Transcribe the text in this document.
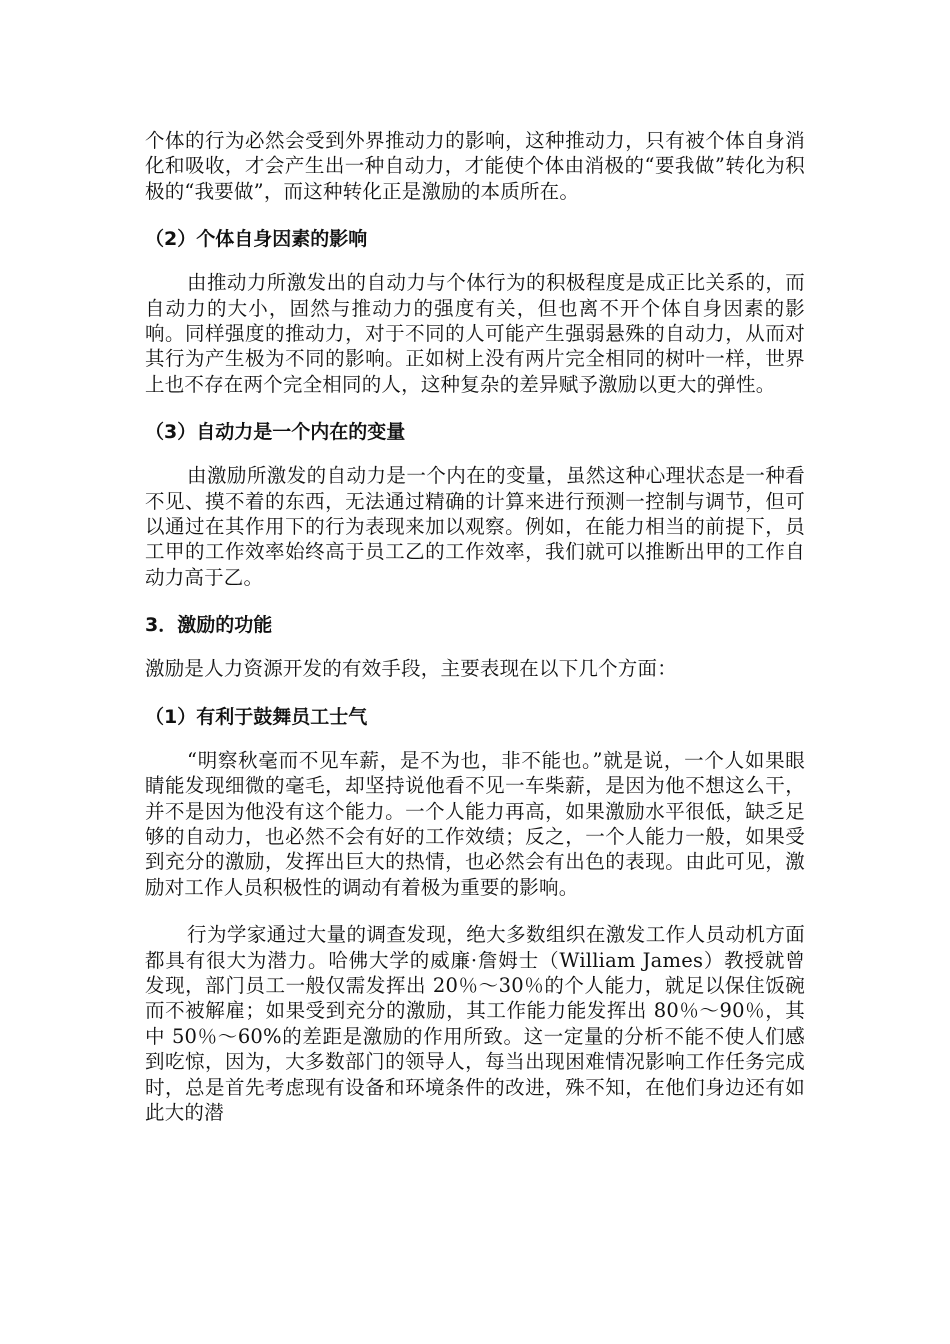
个体的行为必然会受到外界推动力的影响，这种推动力，只有被个体自身消化和吸收，才会产生出一种自动力，才能使个体由消极的“要我做”转化为积极的“我要做”，而这种转化正是激励的本质所在。

（2）个体自身因素的影响

由推动力所激发出的自动力与个体行为的积极程度是成正比关系的，而自动力的大小，固然与推动力的强度有关，但也离不开个体自身因素的影响。同样强度的推动力，对于不同的人可能产生强弱悬殊的自动力，从而对其行为产生极为不同的影响。正如树上没有两片完全相同的树叶一样，世界上也不存在两个完全相同的人，这种复杂的差异赋予激励以更大的弹性。

（3）自动力是一个内在的变量

由激励所激发的自动力是一个内在的变量，虽然这种心理状态是一种看不见、摸不着的东西，无法通过精确的计算来进行预测一控制与调节，但可以通过在其作用下的行为表现来加以观察。例如，在能力相当的前提下，员工甲的工作效率始终高于员工乙的工作效率，我们就可以推断出甲的工作自动力高于乙。

3．激励的功能

激励是人力资源开发的有效手段，主要表现在以下几个方面：

（1）有利于鼓舞员工士气

“明察秋毫而不见车薪，是不为也，非不能也。”就是说，一个人如果眼睛能发现细微的毫毛，却坚持说他看不见一车柴薪，是因为他不想这么干，并不是因为他没有这个能力。一个人能力再高，如果激励水平很低，缺乏足够的自动力，也必然不会有好的工作效绩；反之，一个人能力一般，如果受到充分的激励，发挥出巨大的热情，也必然会有出色的表现。由此可见，激励对工作人员积极性的调动有着极为重要的影响。

行为学家通过大量的调查发现，绝大多数组织在激发工作人员动机方面都具有很大为潜力。哈佛大学的威廉·詹姆士（William James）教授就曾发现，部门员工一般仅需发挥出 20％～30％的个人能力，就足以保住饭碗而不被解雇；如果受到充分的激励，其工作能力能发挥出 80％～90％，其中 50％～60%的差距是激励的作用所致。这一定量的分析不能不使人们感到吃惊，因为，大多数部门的领导人，每当出现困难情况影响工作任务完成时，总是首先考虑现有设备和环境条件的改进，殊不知，在他们身边还有如此大的潜
